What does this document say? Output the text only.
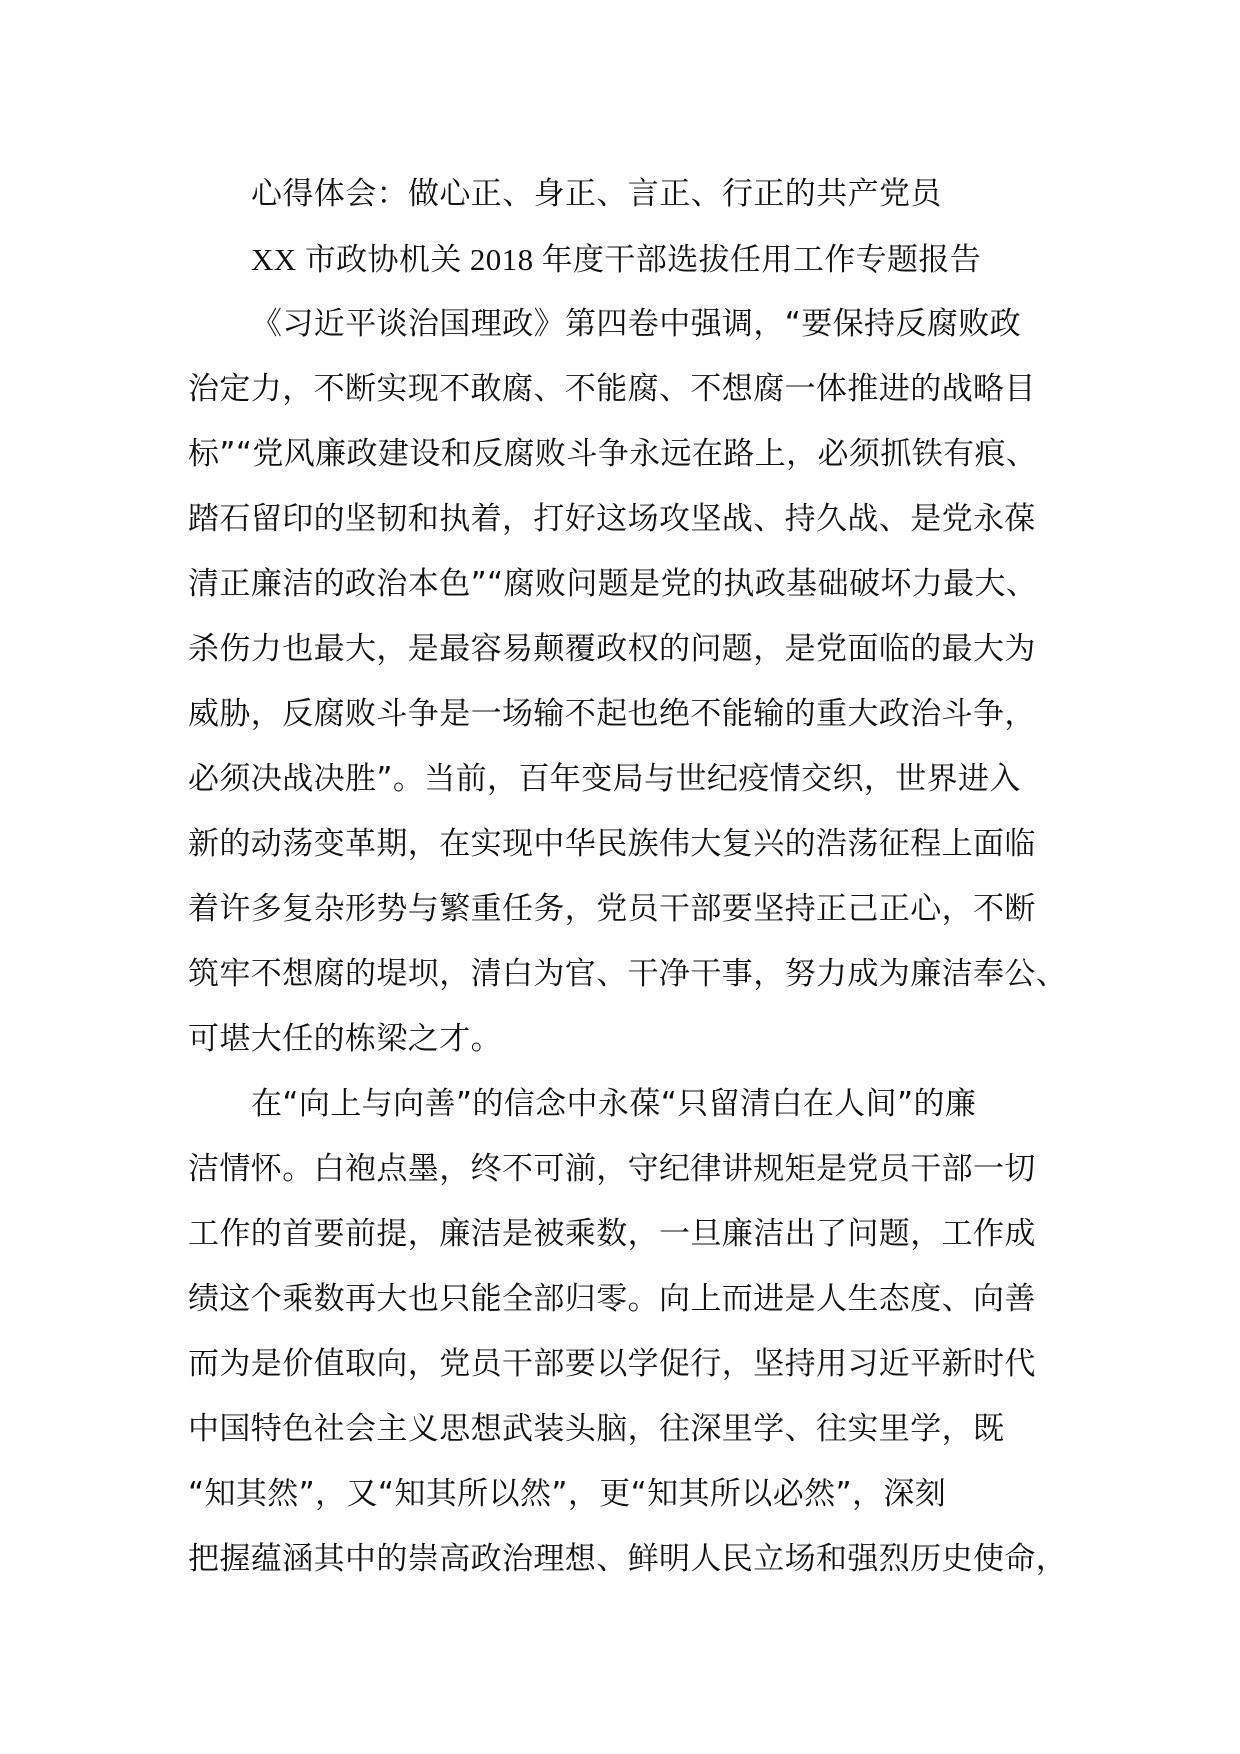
心得体会：做心正、身正、言正、行正的共产党员
XX 市政协机关 2018 年度干部选拔任用工作专题报告
《习近平谈治国理政》第四卷中强调，“要保持反腐败政
治定力，不断实现不敢腐、不能腐、不想腐一体推进的战略目
标”“党风廉政建设和反腐败斗争永远在路上，必须抓铁有痕、
踏石留印的坚韧和执着，打好这场攻坚战、持久战、是党永葆
清正廉洁的政治本色”“腐败问题是党的执政基础破坏力最大、
杀伤力也最大，是最容易颠覆政权的问题，是党面临的最大为
威胁，反腐败斗争是一场输不起也绝不能输的重大政治斗争，
必须决战决胜”。当前，百年变局与世纪疫情交织，世界进入
新的动荡变革期，在实现中华民族伟大复兴的浩荡征程上面临
着许多复杂形势与繁重任务，党员干部要坚持正己正心，不断
筑牢不想腐的堤坝，清白为官、干净干事，努力成为廉洁奉公、
可堪大任的栋梁之才。
在“向上与向善”的信念中永葆“只留清白在人间”的廉
洁情怀。白袍点墨，终不可湔，守纪律讲规矩是党员干部一切
工作的首要前提，廉洁是被乘数，一旦廉洁出了问题，工作成
绩这个乘数再大也只能全部归零。向上而进是人生态度、向善
而为是价值取向，党员干部要以学促行，坚持用习近平新时代
中国特色社会主义思想武装头脑，往深里学、往实里学，既
“知其然”，又“知其所以然”，更“知其所以必然”，深刻
把握蕴涵其中的崇高政治理想、鲜明人民立场和强烈历史使命，
